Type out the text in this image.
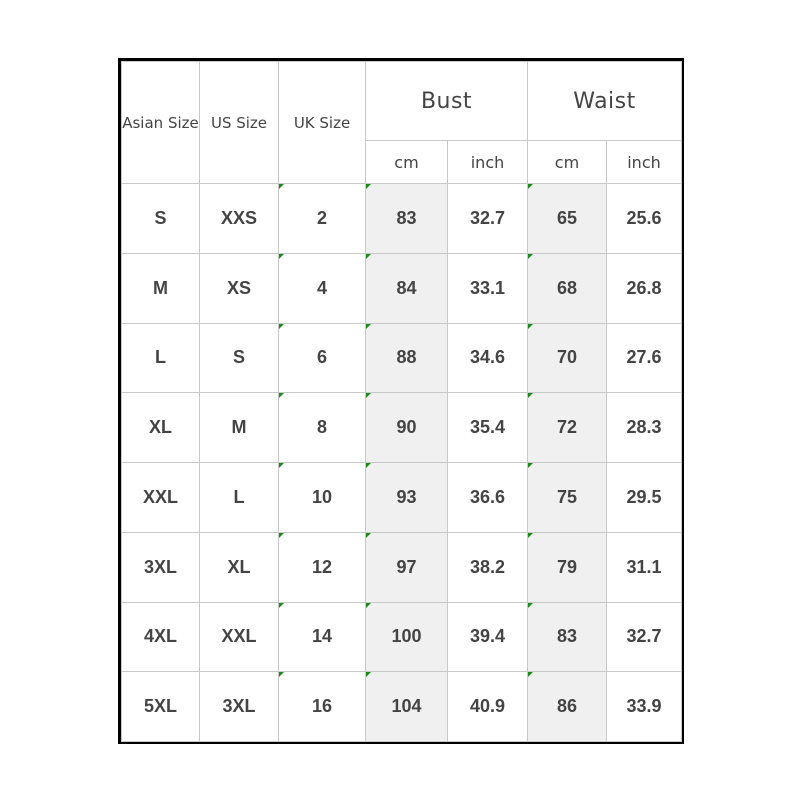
Asian Size	US Size	UK Size	Bust		Waist	
			cm	inch	cm	inch
S	XXS	2	83	32.7	65	25.6
M	XS	4	84	33.1	68	26.8
L	S	6	88	34.6	70	27.6
XL	M	8	90	35.4	72	28.3
XXL	L	10	93	36.6	75	29.5
3XL	XL	12	97	38.2	79	31.1
4XL	XXL	14	100	39.4	83	32.7
5XL	3XL	16	104	40.9	86	33.9
